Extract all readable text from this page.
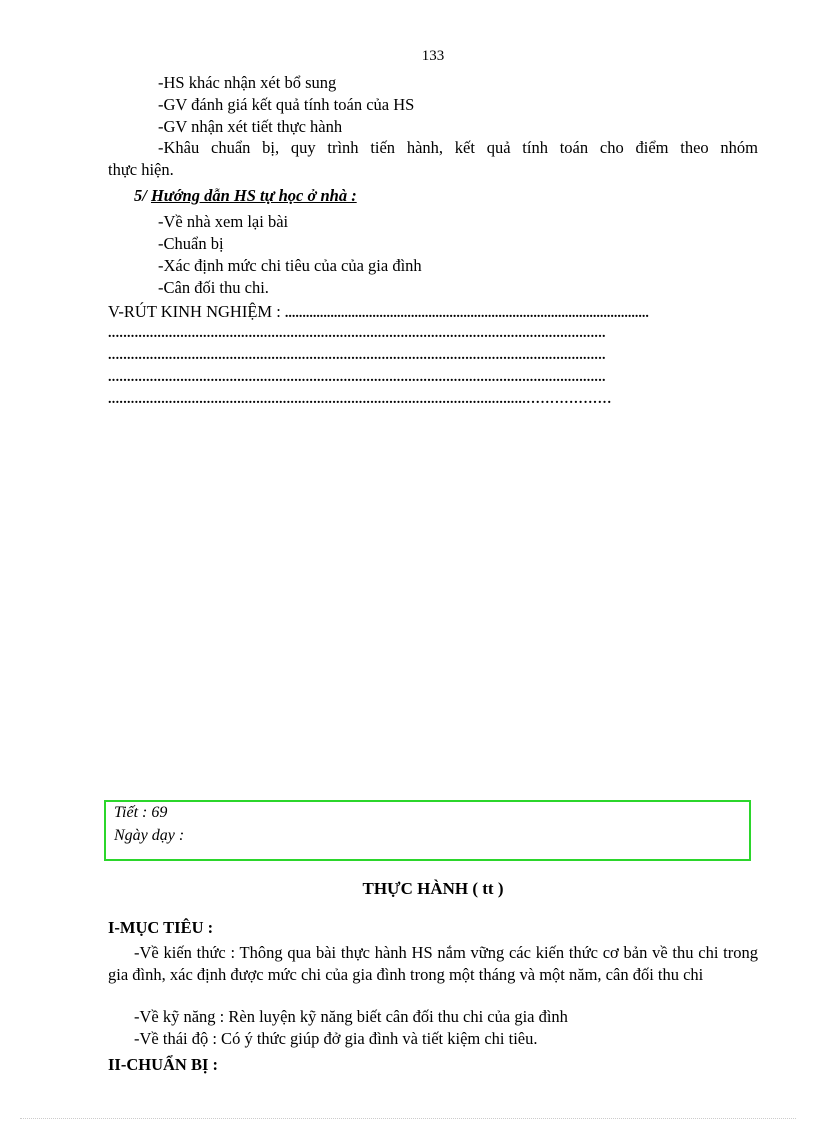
133
-HS khác nhận xét bổ sung
-GV đánh giá kết quả tính toán của HS
-GV nhận xét tiết thực hành
-Khâu chuẩn bị, quy trình tiến hành, kết quả tính toán cho điểm theo nhóm
thực hiện.
5/ Hướng dẫn HS tự học ở nhà :
-Về nhà xem lại bài
-Chuẩn bị
-Xác định mức chi tiêu của của gia đình
-Cân đối thu chi.
V-RÚT KINH NGHIỆM : ........................................................................................................
...................................................................................................................................
...................................................................................................................................
...................................................................................................................................
..............................................................................................................………………
Tiết : 69
Ngày dạy :
THỰC HÀNH ( tt )
I-MỤC TIÊU :
-Về kiến thức : Thông qua bài thực hành HS nắm vững các kiến thức cơ bản về thu chi trong gia đình, xác định được mức chi của gia đình trong một tháng và một năm, cân đối thu chi
-Về kỹ năng : Rèn luyện kỹ năng biết cân đối thu chi của gia đình
-Về thái độ : Có ý thức giúp đở gia đình và tiết kiệm chi tiêu.
II-CHUẨN BỊ :
